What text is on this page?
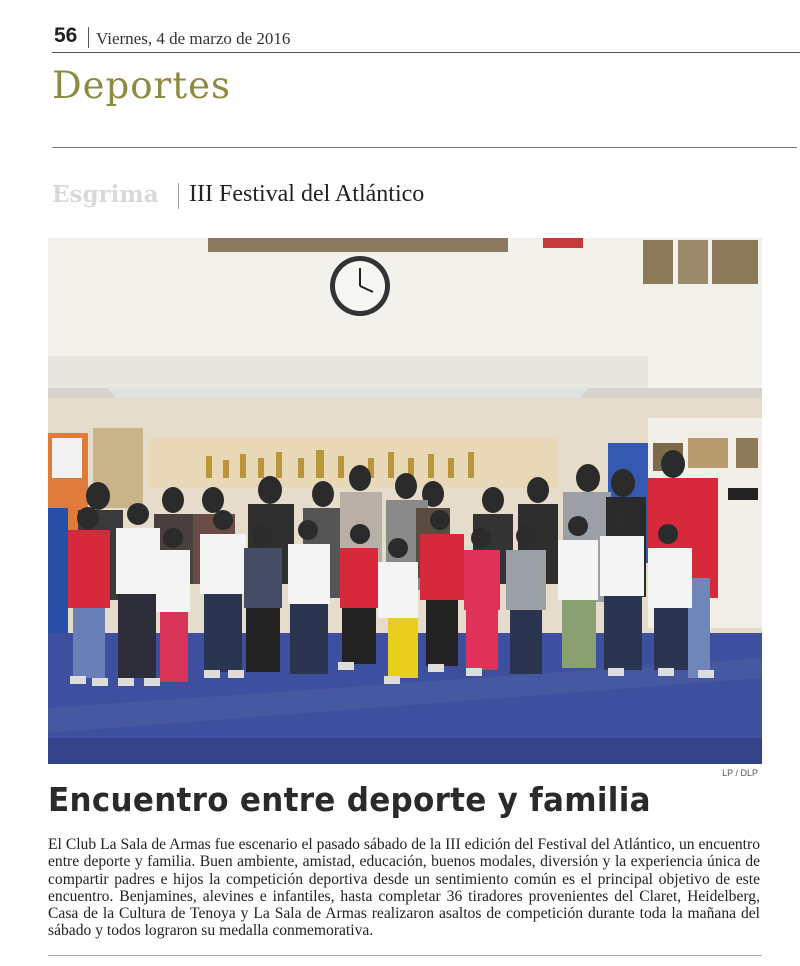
56 Viernes, 4 de marzo de 2016
Deportes
Esgrima III Festival del Atlántico
LP / DLP
Encuentro entre deporte y familia
El Club La Sala de Armas fue escenario el pasado sábado de la III edición del Festival del Atlántico, un encuentro entre deporte y familia. Buen ambiente, amistad, educación, buenos modales, diversión y la experiencia única de compartir padres e hijos la competición deportiva desde un sentimiento común es el principal objetivo de este encuentro. Benjamines, alevines e infantiles, hasta completar 36 tiradores provenientes del Claret, Heidelberg, Casa de la Cultura de Tenoya y La Sala de Armas realizaron asaltos de competición durante toda la mañana del sábado y todos lograron su medalla conmemorativa.
